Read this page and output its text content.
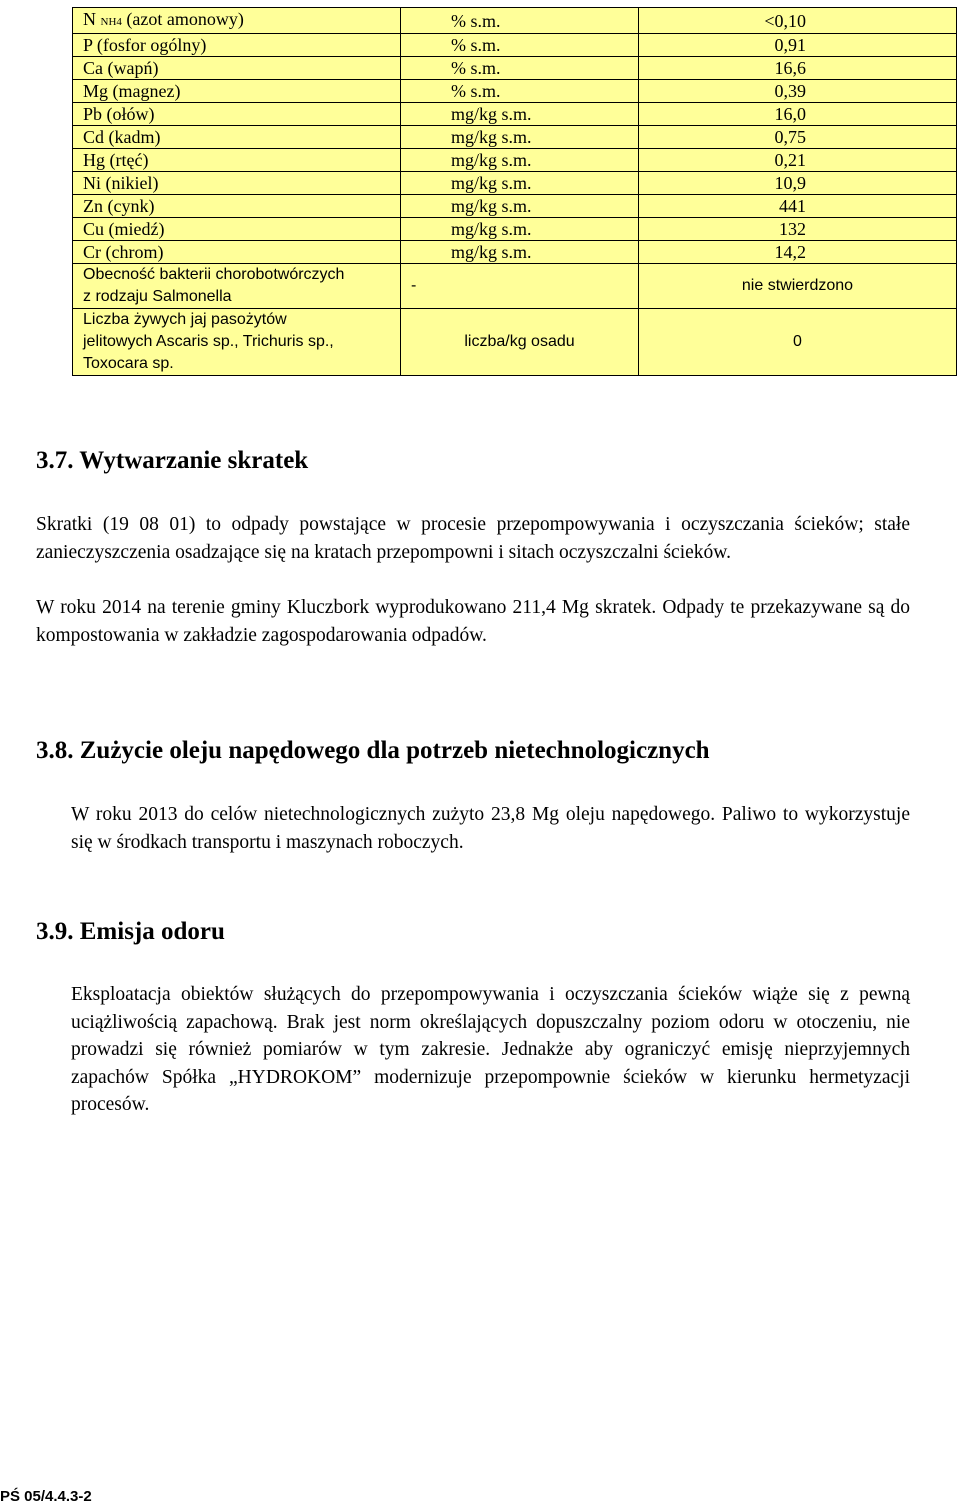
N NH4 (azot amonowy)	% s.m.	<0,10
P (fosfor ogólny)	% s.m.	0,91
Ca (wapń)	% s.m.	16,6
Mg (magnez)	% s.m.	0,39
Pb (ołów)	mg/kg s.m.	16,0
Cd (kadm)	mg/kg s.m.	0,75
Hg (rtęć)	mg/kg s.m.	0,21
Ni (nikiel)	mg/kg s.m.	10,9
Zn (cynk)	mg/kg s.m.	441
Cu (miedź)	mg/kg s.m.	132
Cr (chrom)	mg/kg s.m.	14,2

Obecność bakterii chorobotwórczych
z rodzaju Salmonella	-	nie stwierdzono

Liczba żywych jaj pasożytów
jelitowych Ascaris sp., Trichuris sp.,
Toxocara sp.	liczba/kg osadu	0
3.7. Wytwarzanie skratek

Skratki (19 08 01) to odpady powstające w procesie przepompowywania i oczyszczania ścieków; stałe zanieczyszczenia osadzające się na kratach przepompowni i sitach oczyszczalni ścieków.

W roku 2014 na terenie gminy Kluczbork wyprodukowano 211,4 Mg skratek. Odpady te przekazywane są do kompostowania w zakładzie zagospodarowania odpadów.

3.8. Zużycie oleju napędowego dla potrzeb nietechnologicznych

W roku 2013 do celów nietechnologicznych zużyto 23,8 Mg oleju napędowego. Paliwo to wykorzystuje się w środkach transportu i maszynach roboczych.

3.9. Emisja odoru

Eksploatacja obiektów służących do przepompowywania i oczyszczania ścieków wiąże się z pewną uciążliwością zapachową. Brak jest norm określających dopuszczalny poziom odoru w otoczeniu, nie prowadzi się również pomiarów w tym zakresie. Jednakże aby ograniczyć emisję nieprzyjemnych zapachów Spółka „HYDROKOM” modernizuje przepompownie ścieków w kierunku hermetyzacji procesów.

PŚ 05/4.4.3-2
